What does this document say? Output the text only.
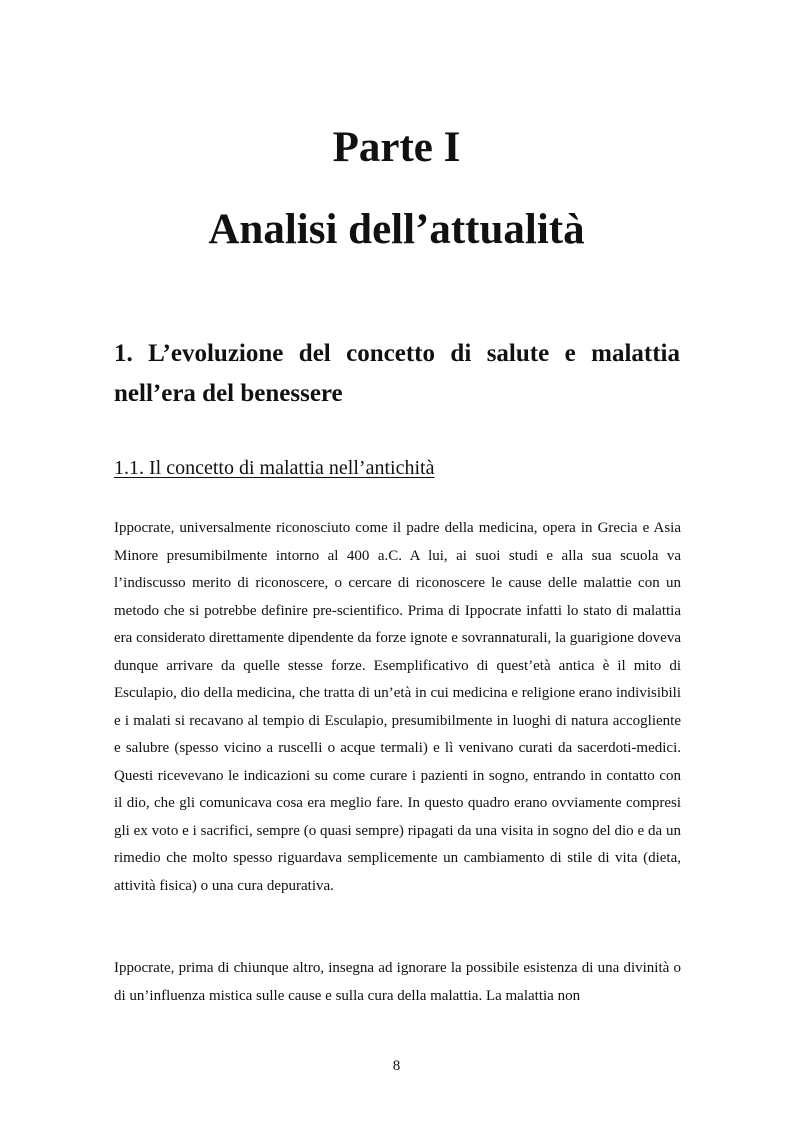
Parte I
Analisi dell’attualità
1. L’evoluzione del concetto di salute e malattia
nell’era del benessere
1.1. Il concetto di malattia nell’antichità

Ippocrate, universalmente riconosciuto come il padre della medicina, opera in Grecia e Asia Minore presumibilmente intorno al 400 a.C. A lui, ai suoi studi e alla sua scuola va l’indiscusso merito di riconoscere, o cercare di riconoscere le cause delle malattie con un metodo che si potrebbe definire pre-scientifico. Prima di Ippocrate infatti lo stato di malattia era considerato direttamente dipendente da forze ignote e sovrannaturali, la guarigione doveva dunque arrivare da quelle stesse forze. Esemplificativo di quest’età antica è il mito di Esculapio, dio della medicina, che tratta di un’età in cui medicina e religione erano indivisibili e i malati si recavano al tempio di Esculapio, presumibilmente in luoghi di natura accogliente e salubre (spesso vicino a ruscelli o acque termali) e lì venivano curati da sacerdoti-medici. Questi ricevevano le indicazioni su come curare i pazienti in sogno, entrando in contatto con il dio, che gli comunicava cosa era meglio fare. In questo quadro erano ovviamente compresi gli ex voto e i sacrifici, sempre (o quasi sempre) ripagati da una visita in sogno del dio e da un rimedio che molto spesso riguardava semplicemente un cambiamento di stile di vita (dieta, attività fisica) o una cura depurativa.

Ippocrate, prima di chiunque altro, insegna ad ignorare la possibile esistenza di una divinità o di un’influenza mistica sulle cause e sulla cura della malattia. La malattia non

8
